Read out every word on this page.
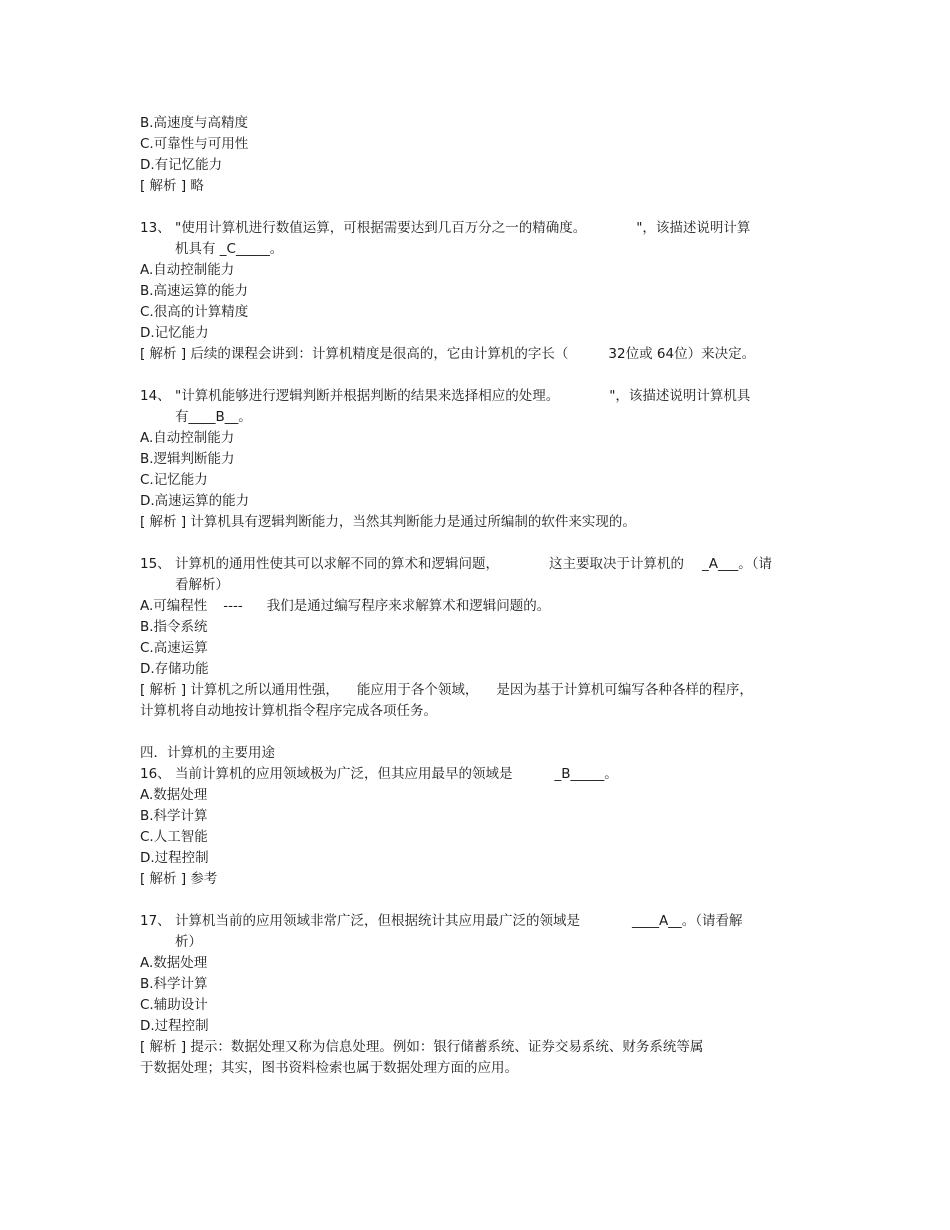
B.高速度与高精度
C.可靠性与可用性
D.有记忆能力
[ 解析 ] 略
13、 "使用计算机进行数值运算，可根据需要达到几百万分之一的精确度。	"，该描述说明计算
机具有 _C_____。
A.自动控制能力
B.高速运算的能力
C.很高的计算精度
D.记忆能力
[ 解析 ] 后续的课程会讲到：计算机精度是很高的，它由计算机的字长（	32位或 64位）来决定。
14、 "计算机能够进行逻辑判断并根据判断的结果来选择相应的处理。	"，该描述说明计算机具
有____B__。
A.自动控制能力
B.逻辑判断能力
C.记忆能力
D.高速运算的能力
[ 解析 ] 计算机具有逻辑判断能力，当然其判断能力是通过所编制的软件来实现的。
15、 计算机的通用性使其可以求解不同的算术和逻辑问题，	这主要取决于计算机的 _A___。（请
看解析）
A.可编程性 ---- 我们是通过编写程序来求解算术和逻辑问题的。
B.指令系统
C.高速运算
D.存储功能
[ 解析 ] 计算机之所以通用性强， 能应用于各个领域， 是因为基于计算机可编写各种各样的程序，
计算机将自动地按计算机指令程序完成各项任务。
四．计算机的主要用途
16、 当前计算机的应用领域极为广泛，但其应用最早的领域是	_B_____。
A.数据处理
B.科学计算
C.人工智能
D.过程控制
[ 解析 ] 参考
17、 计算机当前的应用领域非常广泛，但根据统计其应用最广泛的领域是	____A__。（请看解
析）
A.数据处理
B.科学计算
C.辅助设计
D.过程控制
[ 解析 ] 提示：数据处理又称为信息处理。例如：银行储蓄系统、证券交易系统、财务系统等属
于数据处理；其实，图书资料检索也属于数据处理方面的应用。
